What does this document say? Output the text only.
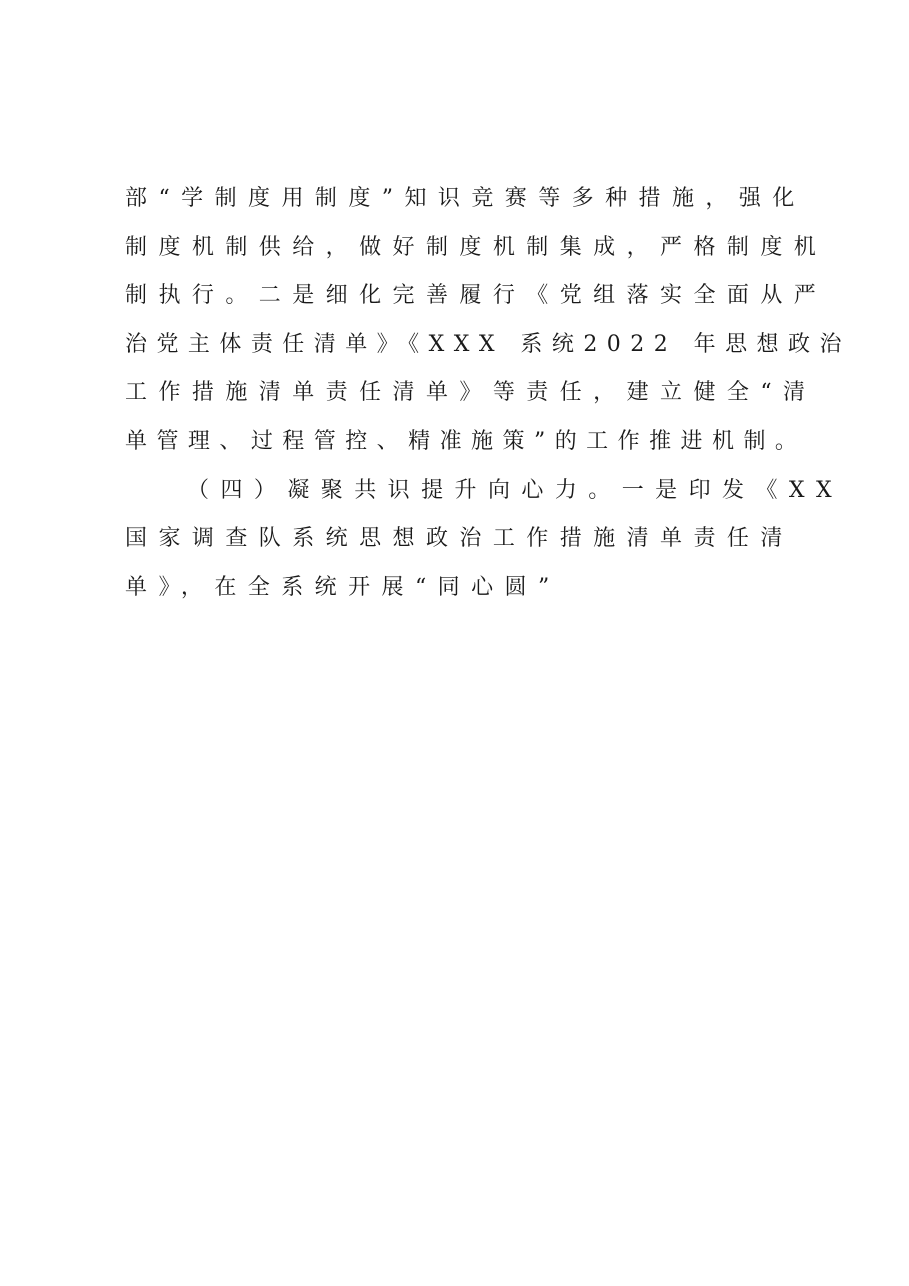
部“学制度用制度”知识竞赛等多种措施，强化
制度机制供给，做好制度机制集成，严格制度机
制执行。二是细化完善履行《党组落实全面从严
治党主体责任清单》《XXX 系统2022 年思想政治
工作措施清单责任清单》等责任，建立健全“清
单管理、过程管控、精准施策”的工作推进机制。
（四）凝聚共识提升向心力。一是印发《XX
国家调查队系统思想政治工作措施清单责任清
单》，在全系统开展“同心圆”
